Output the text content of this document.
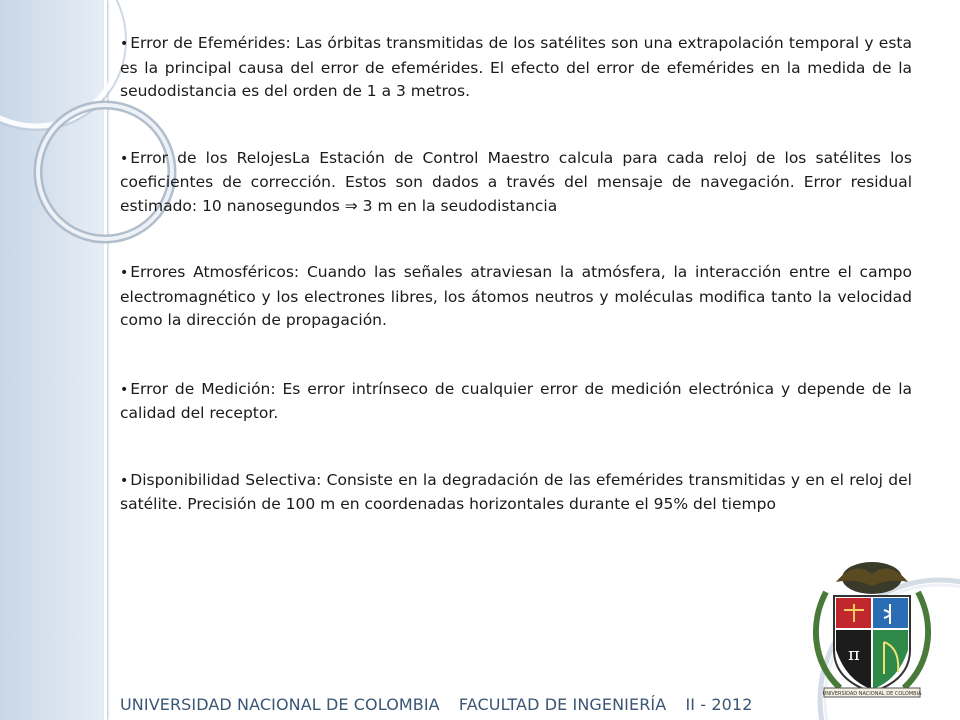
• Error de Efemérides: Las órbitas transmitidas de los satélites son una extrapolación temporal y esta es la principal causa del error de efemérides. El efecto del error de efemérides en la medida de la seudodistancia es del orden de 1 a 3 metros.
• Error de los RelojesLa Estación de Control Maestro calcula para cada reloj de los satélites los coeficientes de corrección. Estos son dados a través del mensaje de navegación. Error residual estimado: 10 nanosegundos ⇒ 3 m en la seudodistancia
• Errores Atmosféricos: Cuando las señales atraviesan la atmósfera, la interacción entre el campo electromagnético y los electrones libres, los átomos neutros y moléculas modifica tanto la velocidad como la dirección de propagación.
• Error de Medición: Es error intrínseco de cualquier error de medición electrónica y depende de la calidad del receptor.
• Disponibilidad Selectiva: Consiste en la degradación de las efemérides transmitidas y en el reloj del satélite. Precisión de 100 m en coordenadas horizontales durante el 95% del tiempo
π
UNIVERSIDAD NACIONAL DE COLOMBIA
UNIVERSIDAD NACIONAL DE COLOMBIA FACULTAD DE INGENIERÍA II - 2012
